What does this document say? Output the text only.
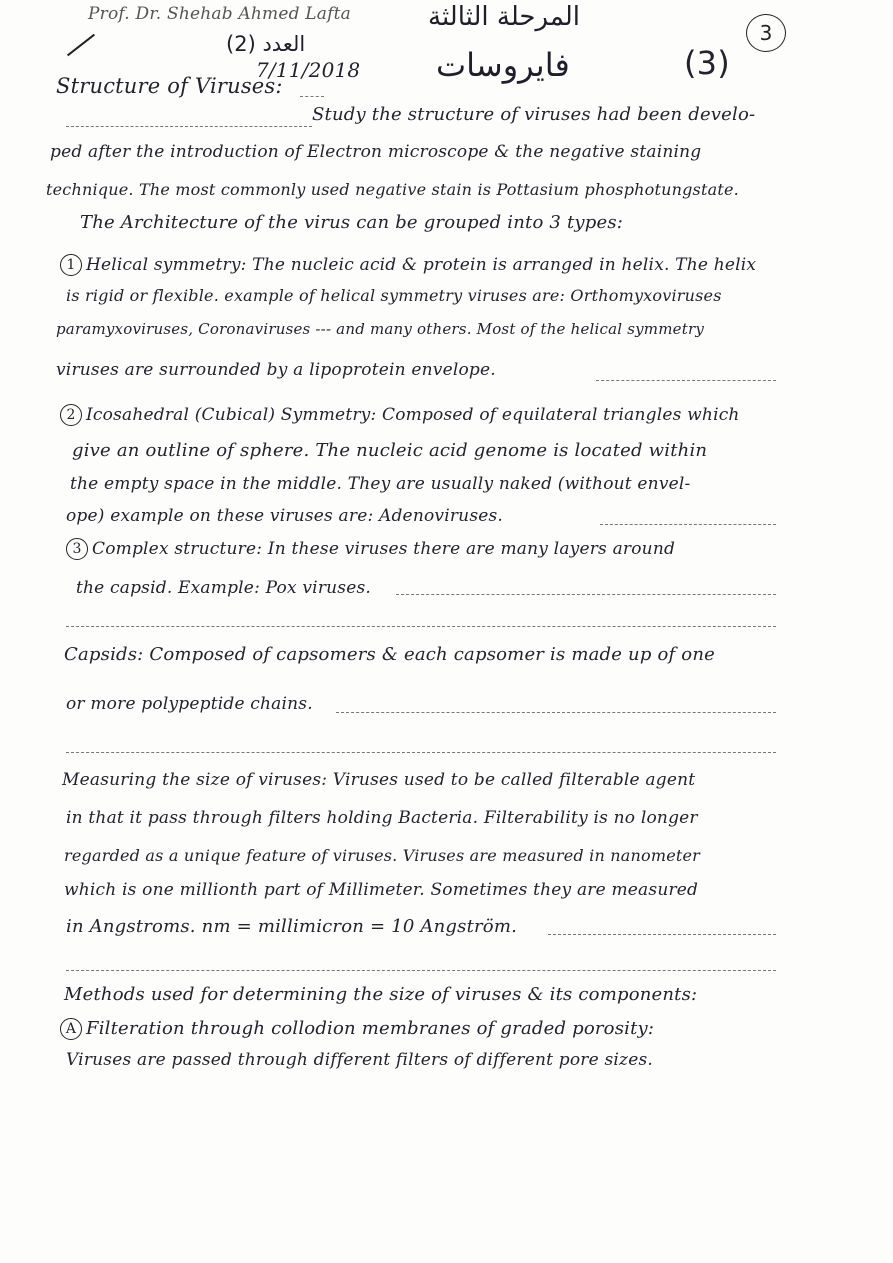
Prof. Dr. Shehab Ahmed Lafta	المرحلة الثالثة
3
العدد (2)
7/11/2018 فايروسات	(3)
Structure of Viruses:
Study the structure of viruses had been develo-
ped after the introduction of Electron microscope & the negative staining
technique. The most commonly used negative stain is Pottasium phosphotungstate.
The Architecture of the virus can be grouped into 3 types:
1 Helical symmetry: The nucleic acid & protein is arranged in helix. The helix
is rigid or flexible. example of helical symmetry viruses are: Orthomyxoviruses
paramyxoviruses, Coronaviruses --- and many others. Most of the helical symmetry
viruses are surrounded by a lipoprotein envelope.
2 Icosahedral (Cubical) Symmetry: Composed of equilateral triangles which
give an outline of sphere. The nucleic acid genome is located within
the empty space in the middle. They are usually naked (without envel-
ope) example on these viruses are: Adenoviruses.
3 Complex structure: In these viruses there are many layers around
the capsid. Example: Pox viruses.
Capsids: Composed of capsomers & each capsomer is made up of one
or more polypeptide chains.
Measuring the size of viruses: Viruses used to be called filterable agent
in that it pass through filters holding Bacteria. Filterability is no longer
regarded as a unique feature of viruses. Viruses are measured in nanometer
which is one millionth part of Millimeter. Sometimes they are measured
in Angstroms. nm = millimicron = 10 Angström.
Methods used for determining the size of viruses & its components:
A Filteration through collodion membranes of graded porosity:
Viruses are passed through different filters of different pore sizes.
